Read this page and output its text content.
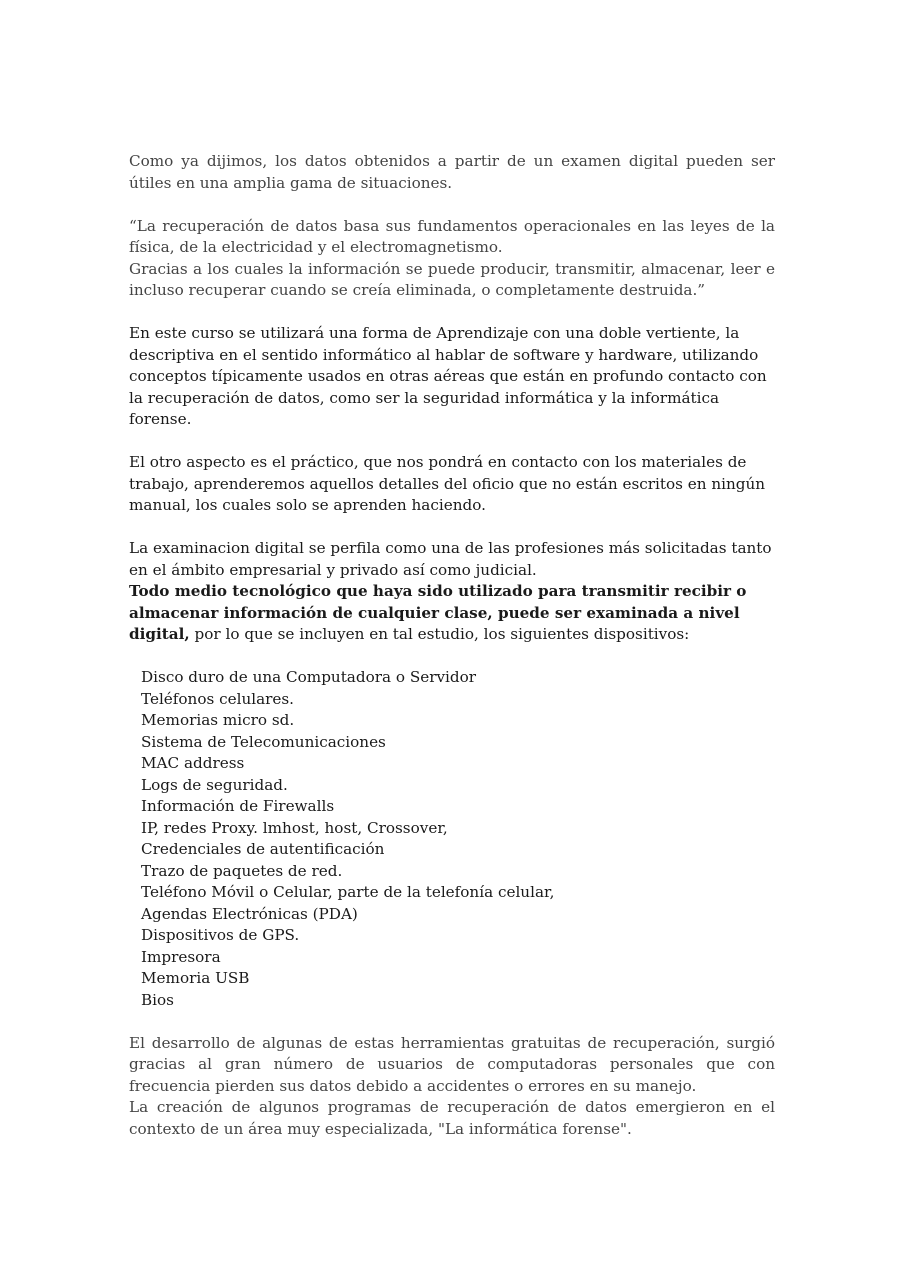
Como ya dijimos, los datos obtenidos a partir de un examen digital pueden ser útiles en una amplia gama de situaciones.

“La recuperación de datos basa sus fundamentos operacionales en las leyes de la física, de la electricidad y el electromagnetismo.
Gracias a los cuales la información se puede producir, transmitir, almacenar, leer e incluso recuperar cuando se creía eliminada, o completamente destruida.”

En este curso se utilizará una forma de Aprendizaje con una doble vertiente, la descriptiva en el sentido informático al hablar de software y hardware, utilizando conceptos típicamente usados en otras aéreas que están en profundo contacto con la recuperación de datos, como ser la seguridad informática y la informática forense.

El otro aspecto es el práctico, que nos pondrá en contacto con los materiales de trabajo, aprenderemos aquellos detalles del oficio que no están escritos en ningún manual, los cuales solo se aprenden haciendo.

La examinacion digital se perfila como una de las profesiones más solicitadas tanto en el ámbito empresarial y privado así como judicial.
Todo medio tecnológico que haya sido utilizado para transmitir recibir o almacenar información de cualquier clase, puede ser examinada a nivel digital, por lo que se incluyen en tal estudio, los siguientes dispositivos:

Disco duro de una Computadora o Servidor
Teléfonos celulares.
Memorias micro sd.
Sistema de Telecomunicaciones
MAC address
Logs de seguridad.
Información de Firewalls
IP, redes Proxy. lmhost, host, Crossover,
Credenciales de autentificación
Trazo de paquetes de red.
Teléfono Móvil o Celular, parte de la telefonía celular,
Agendas Electrónicas (PDA)
Dispositivos de GPS.
Impresora
Memoria USB
Bios

El desarrollo de algunas de estas herramientas gratuitas de recuperación, surgió gracias al gran número de usuarios de computadoras personales que con frecuencia pierden sus datos debido a accidentes o errores en su manejo.
La creación de algunos programas de recuperación de datos emergieron en el contexto de un área muy especializada, "La informática forense".
